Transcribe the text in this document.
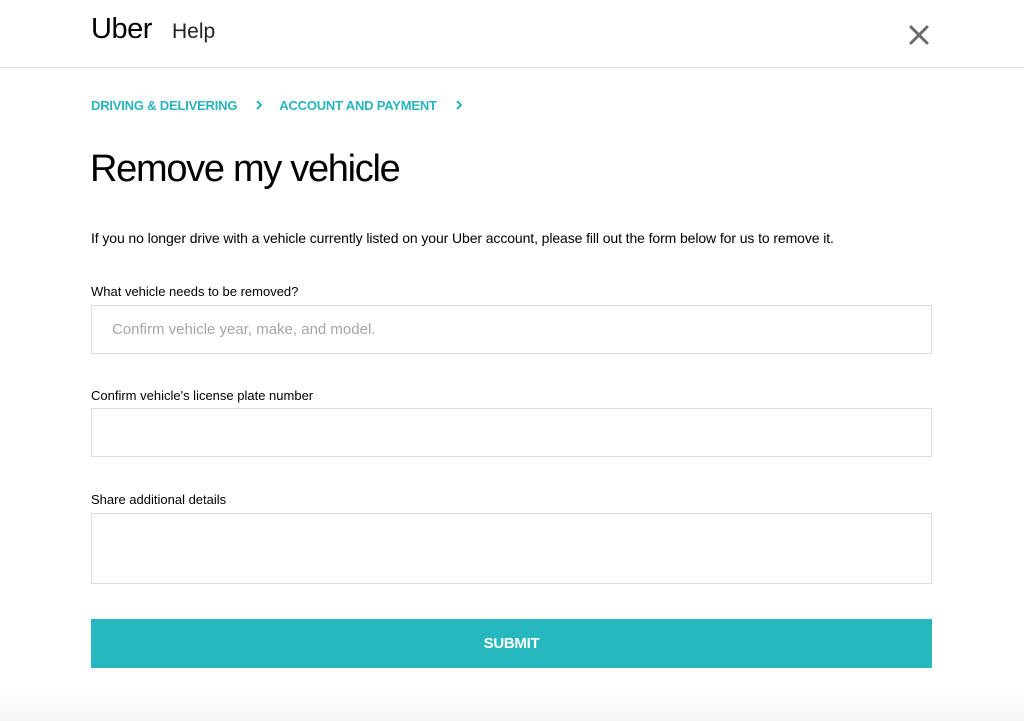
Uber Help
DRIVING & DELIVERING	ACCOUNT AND PAYMENT
Remove my vehicle
If you no longer drive with a vehicle currently listed on your Uber account, please fill out the form below for us to remove it.
What vehicle needs to be removed?
Confirm vehicle year, make, and model.
Confirm vehicle's license plate number
Share additional details
SUBMIT
